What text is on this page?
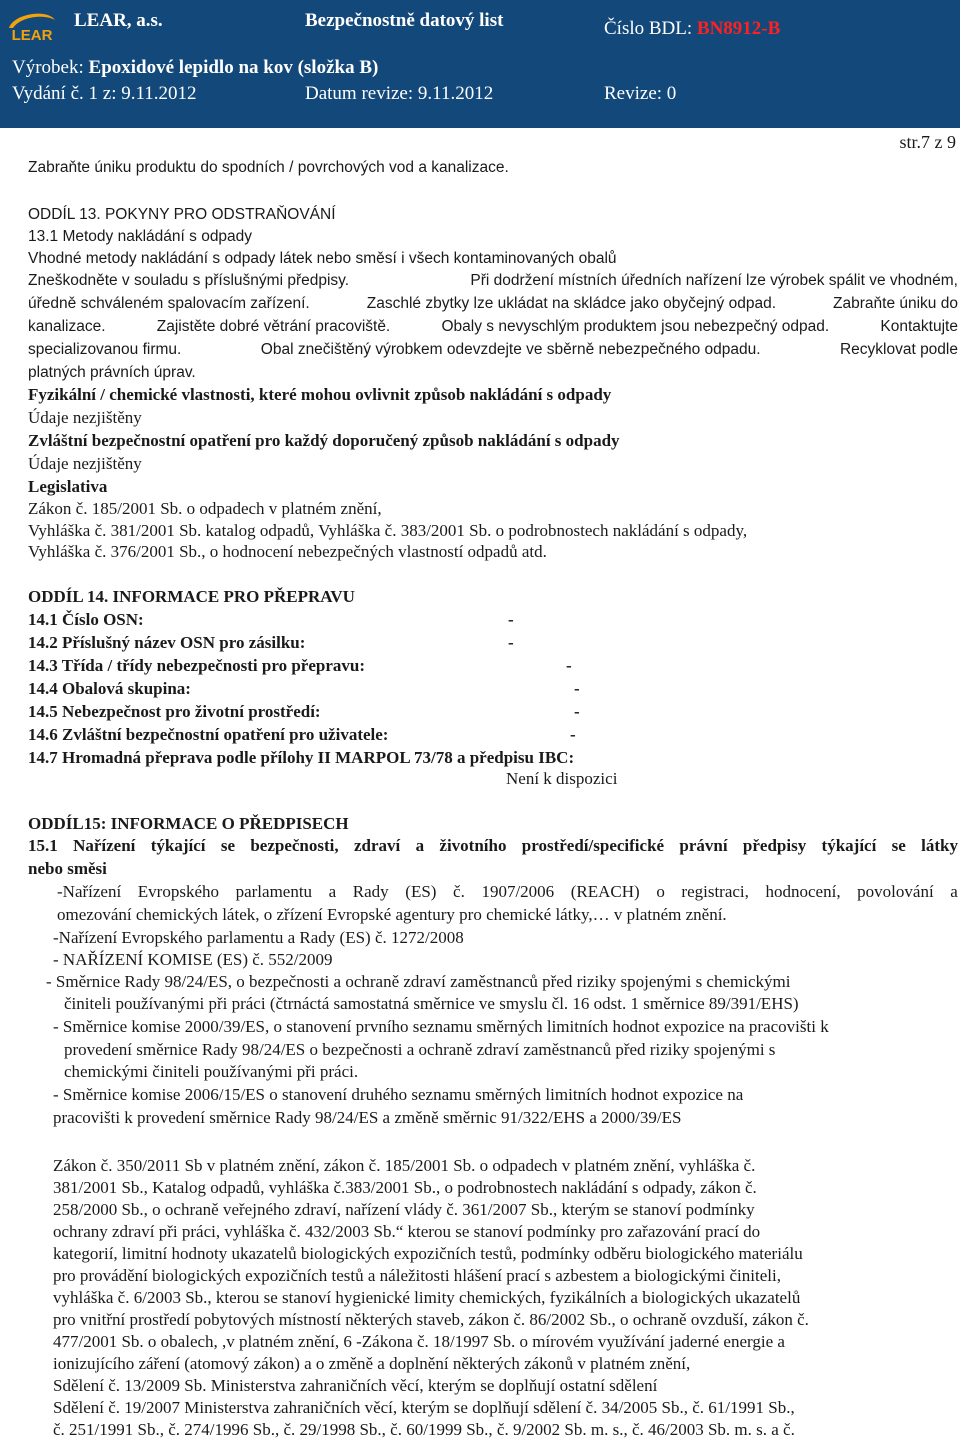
LEAR
LEAR, a.s.	Bezpečnostně datový list	Číslo BDL: BN8912-B
Výrobek: Epoxidové lepidlo na kov (složka B)
Vydání č. 1 z: 9.11.2012	Datum revize: 9.11.2012	Revize: 0
str.7 z 9
Zabraňte úniku produktu do spodních / povrchových vod a kanalizace.
ODDÍL 13. POKYNY PRO ODSTRAŇOVÁNÍ
13.1 Metody nakládání s odpady
Vhodné metody nakládání s odpady látek nebo směsí i všech kontaminovaných obalů
Zneškodněte v souladu s příslušnými předpisy.	Při dodržení místních úředních nařízení lze výrobek spálit ve vhodném,
úředně schváleném spalovacím zařízení.	Zaschlé zbytky lze ukládat na skládce jako obyčejný odpad.	Zabraňte úniku do
kanalizace.	Zajistěte dobré větrání pracoviště.	Obaly s nevyschlým produktem jsou nebezpečný odpad.	Kontaktujte
specializovanou firmu.	Obal znečištěný výrobkem odevzdejte ve sběrně nebezpečného odpadu.	Recyklovat podle
platných právních úprav.
Fyzikální / chemické vlastnosti, které mohou ovlivnit způsob nakládání s odpady
Údaje nezjištěny
Zvláštní bezpečnostní opatření pro každý doporučený způsob nakládání s odpady
Údaje nezjištěny
Legislativa
Zákon č. 185/2001 Sb. o odpadech v platném znění,
Vyhláška č. 381/2001 Sb. katalog odpadů, Vyhláška č. 383/2001 Sb. o podrobnostech nakládání s odpady,
Vyhláška č. 376/2001 Sb., o hodnocení nebezpečných vlastností odpadů atd.
ODDÍL 14. INFORMACE PRO PŘEPRAVU
14.1 Číslo OSN:	-
14.2 Příslušný název OSN pro zásilku:	-
14.3 Třída / třídy nebezpečnosti pro přepravu:	-
14.4 Obalová skupina:	-
14.5 Nebezpečnost pro životní prostředí:	-
14.6 Zvláštní bezpečnostní opatření pro uživatele:	-
14.7 Hromadná přeprava podle přílohy II MARPOL 73/78 a předpisu IBC:
Není k dispozici
ODDÍL15: INFORMACE O PŘEDPISECH
15.1 Nařízení týkající se bezpečnosti, zdraví a životního prostředí/specifické právní předpisy týkající se látky
nebo směsi
-Nařízení Evropského parlamentu a Rady (ES) č. 1907/2006 (REACH) o registraci, hodnocení, povolování a
omezování chemických látek, o zřízení Evropské agentury pro chemické látky,… v platném znění.
-Nařízení Evropského parlamentu a Rady (ES) č. 1272/2008
- NAŘÍZENÍ KOMISE (ES) č. 552/2009
- Směrnice Rady 98/24/ES, o bezpečnosti a ochraně zdraví zaměstnanců před riziky spojenými s chemickými
činiteli používanými při práci (čtrnáctá samostatná směrnice ve smyslu čl. 16 odst. 1 směrnice 89/391/EHS)
- Směrnice komise 2000/39/ES, o stanovení prvního seznamu směrných limitních hodnot expozice na pracovišti k
provedení směrnice Rady 98/24/ES o bezpečnosti a ochraně zdraví zaměstnanců před riziky spojenými s
chemickými činiteli používanými při práci.
- Směrnice komise 2006/15/ES o stanovení druhého seznamu směrných limitních hodnot expozice na
pracovišti k provedení směrnice Rady 98/24/ES a změně směrnic 91/322/EHS a 2000/39/ES
Zákon č. 350/2011 Sb v platném znění, zákon č. 185/2001 Sb. o odpadech v platném znění, vyhláška č.
381/2001 Sb., Katalog odpadů, vyhláška č.383/2001 Sb., o podrobnostech nakládání s odpady, zákon č.
258/2000 Sb., o ochraně veřejného zdraví, nařízení vlády č. 361/2007 Sb., kterým se stanoví podmínky
ochrany zdraví při práci, vyhláška č. 432/2003 Sb.“ kterou se stanoví podmínky pro zařazování prací do
kategorií, limitní hodnoty ukazatelů biologických expozičních testů, podmínky odběru biologického materiálu
pro provádění biologických expozičních testů a náležitosti hlášení prací s azbestem a biologickými činiteli,
vyhláška č. 6/2003 Sb., kterou se stanoví hygienické limity chemických, fyzikálních a biologických ukazatelů
pro vnitřní prostředí pobytových místností některých staveb, zákon č. 86/2002 Sb., o ochraně ovzduší, zákon č.
477/2001 Sb. o obalech, ,v platném znění, 6 -Zákona č. 18/1997 Sb. o mírovém využívání jaderné energie a
ionizujícího záření (atomový zákon) a o změně a doplnění některých zákonů v platném znění,
Sdělení č. 13/2009 Sb. Ministerstva zahraničních věcí, kterým se doplňují ostatní sdělení
Sdělení č. 19/2007 Ministerstva zahraničních věcí, kterým se doplňují sdělení č. 34/2005 Sb., č. 61/1991 Sb.,
č. 251/1991 Sb., č. 274/1996 Sb., č. 29/1998 Sb., č. 60/1999 Sb., č. 9/2002 Sb. m. s., č. 46/2003 Sb. m. s. a č.
